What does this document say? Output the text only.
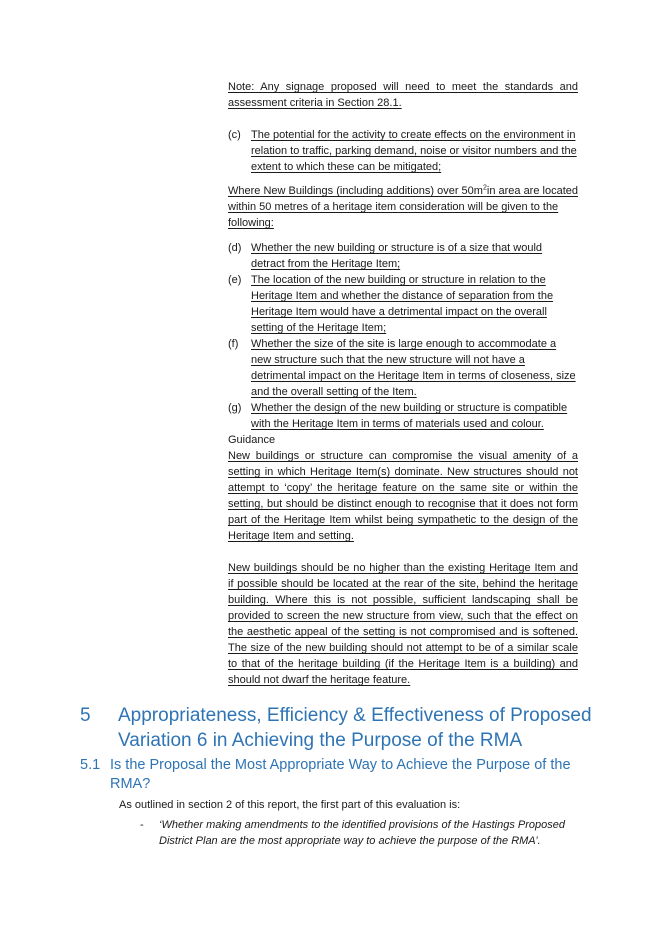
Note: Any signage proposed will need to meet the standards and assessment criteria in Section 28.1.
(c) The potential for the activity to create effects on the environment in relation to traffic, parking demand, noise or visitor numbers and the extent to which these can be mitigated;
Where New Buildings (including additions) over $50m^2in$ area are located within 50 metres of a heritage item consideration will be given to the following:
(d) Whether the new building or structure is of a size that would detract from the Heritage Item;
(e) The location of the new building or structure in relation to the Heritage Item and whether the distance of separation from the Heritage Item would have a detrimental impact on the overall setting of the Heritage Item;
(f)	Whether the size of the site is large enough to accommodate a new structure such that the new structure will not have a detrimental impact on the Heritage Item in terms of closeness, size and the overall setting of the Item.
(g) Whether the design of the new building or structure is compatible with the Heritage Item in terms of materials used and colour.
Guidance
New buildings or structure can compromise the visual amenity of a setting in which Heritage Item(s) dominate. New structures should not attempt to ‘copy’ the heritage feature on the same site or within the setting, but should be distinct enough to recognise that it does not form part of the Heritage Item whilst being sympathetic to the design of the Heritage Item and setting.
New buildings should be no higher than the existing Heritage Item and if possible should be located at the rear of the site, behind the heritage building. Where this is not possible, sufficient landscaping shall be provided to screen the new structure from view, such that the effect on the aesthetic appeal of the setting is not compromised and is softened. The size of the new building should not attempt to be of a similar scale to that of the heritage building (if the Heritage Item is a building) and should not dwarf the heritage feature.
5 Appropriateness, Efficiency & Effectiveness of Proposed Variation 6 in Achieving the Purpose of the RMA
5.1 Is the Proposal the Most Appropriate Way to Achieve the Purpose of the RMA?
As outlined in section 2 of this report, the first part of this evaluation is:
- ‘Whether making amendments to the identified provisions of the Hastings Proposed District Plan are the most appropriate way to achieve the purpose of the RMA’.
